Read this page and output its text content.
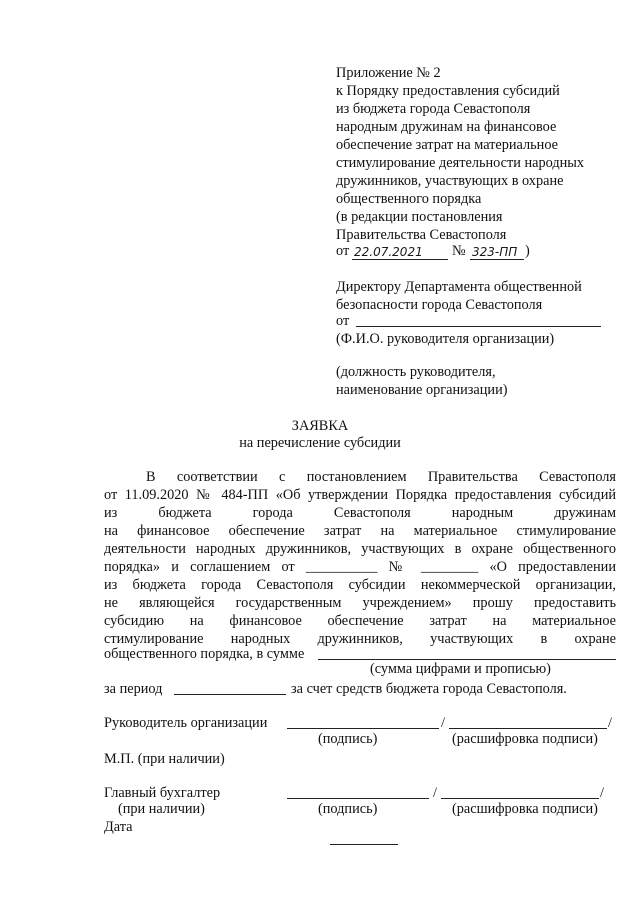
Приложение № 2
к Порядку предоставления субсидий
из бюджета города Севастополя
народным дружинам на финансовое
обеспечение затрат на материальное
стимулирование деятельности народных
дружинников, участвующих в охране
общественного порядка
(в редакции постановления
Правительства Севастополя
от 22.07.2021 № 323-ПП )
Директору Департамента общественной
безопасности города Севастополя
от
(Ф.И.О. руководителя организации)
(должность руководителя,
наименование организации)
ЗАЯВКА
на перечисление субсидии
В соответствии с постановлением Правительства Севастополя
от 11.09.2020 № 484-ПП «Об утверждении Порядка предоставления субсидий
из бюджета города Севастополя народным дружинам
на финансовое обеспечение затрат на материальное стимулирование
деятельности народных дружинников, участвующих в охране общественного
порядка» и соглашением от __________ № ________ «О предоставлении
из бюджета города Севастополя субсидии некоммерческой организации,
не являющейся государственным учреждением» прошу предоставить
субсидию на финансовое обеспечение затрат на материальное
стимулирование народных дружинников, участвующих в охране
общественного порядка, в сумме
(сумма цифрами и прописью)
за период	за счет средств бюджета города Севастополя.
Руководитель организации	/	/
(подпись)	(расшифровка подписи)
М.П. (при наличии)
Главный бухгалтер	/	/
(при наличии)	(подпись)	(расшифровка подписи)
Дата
